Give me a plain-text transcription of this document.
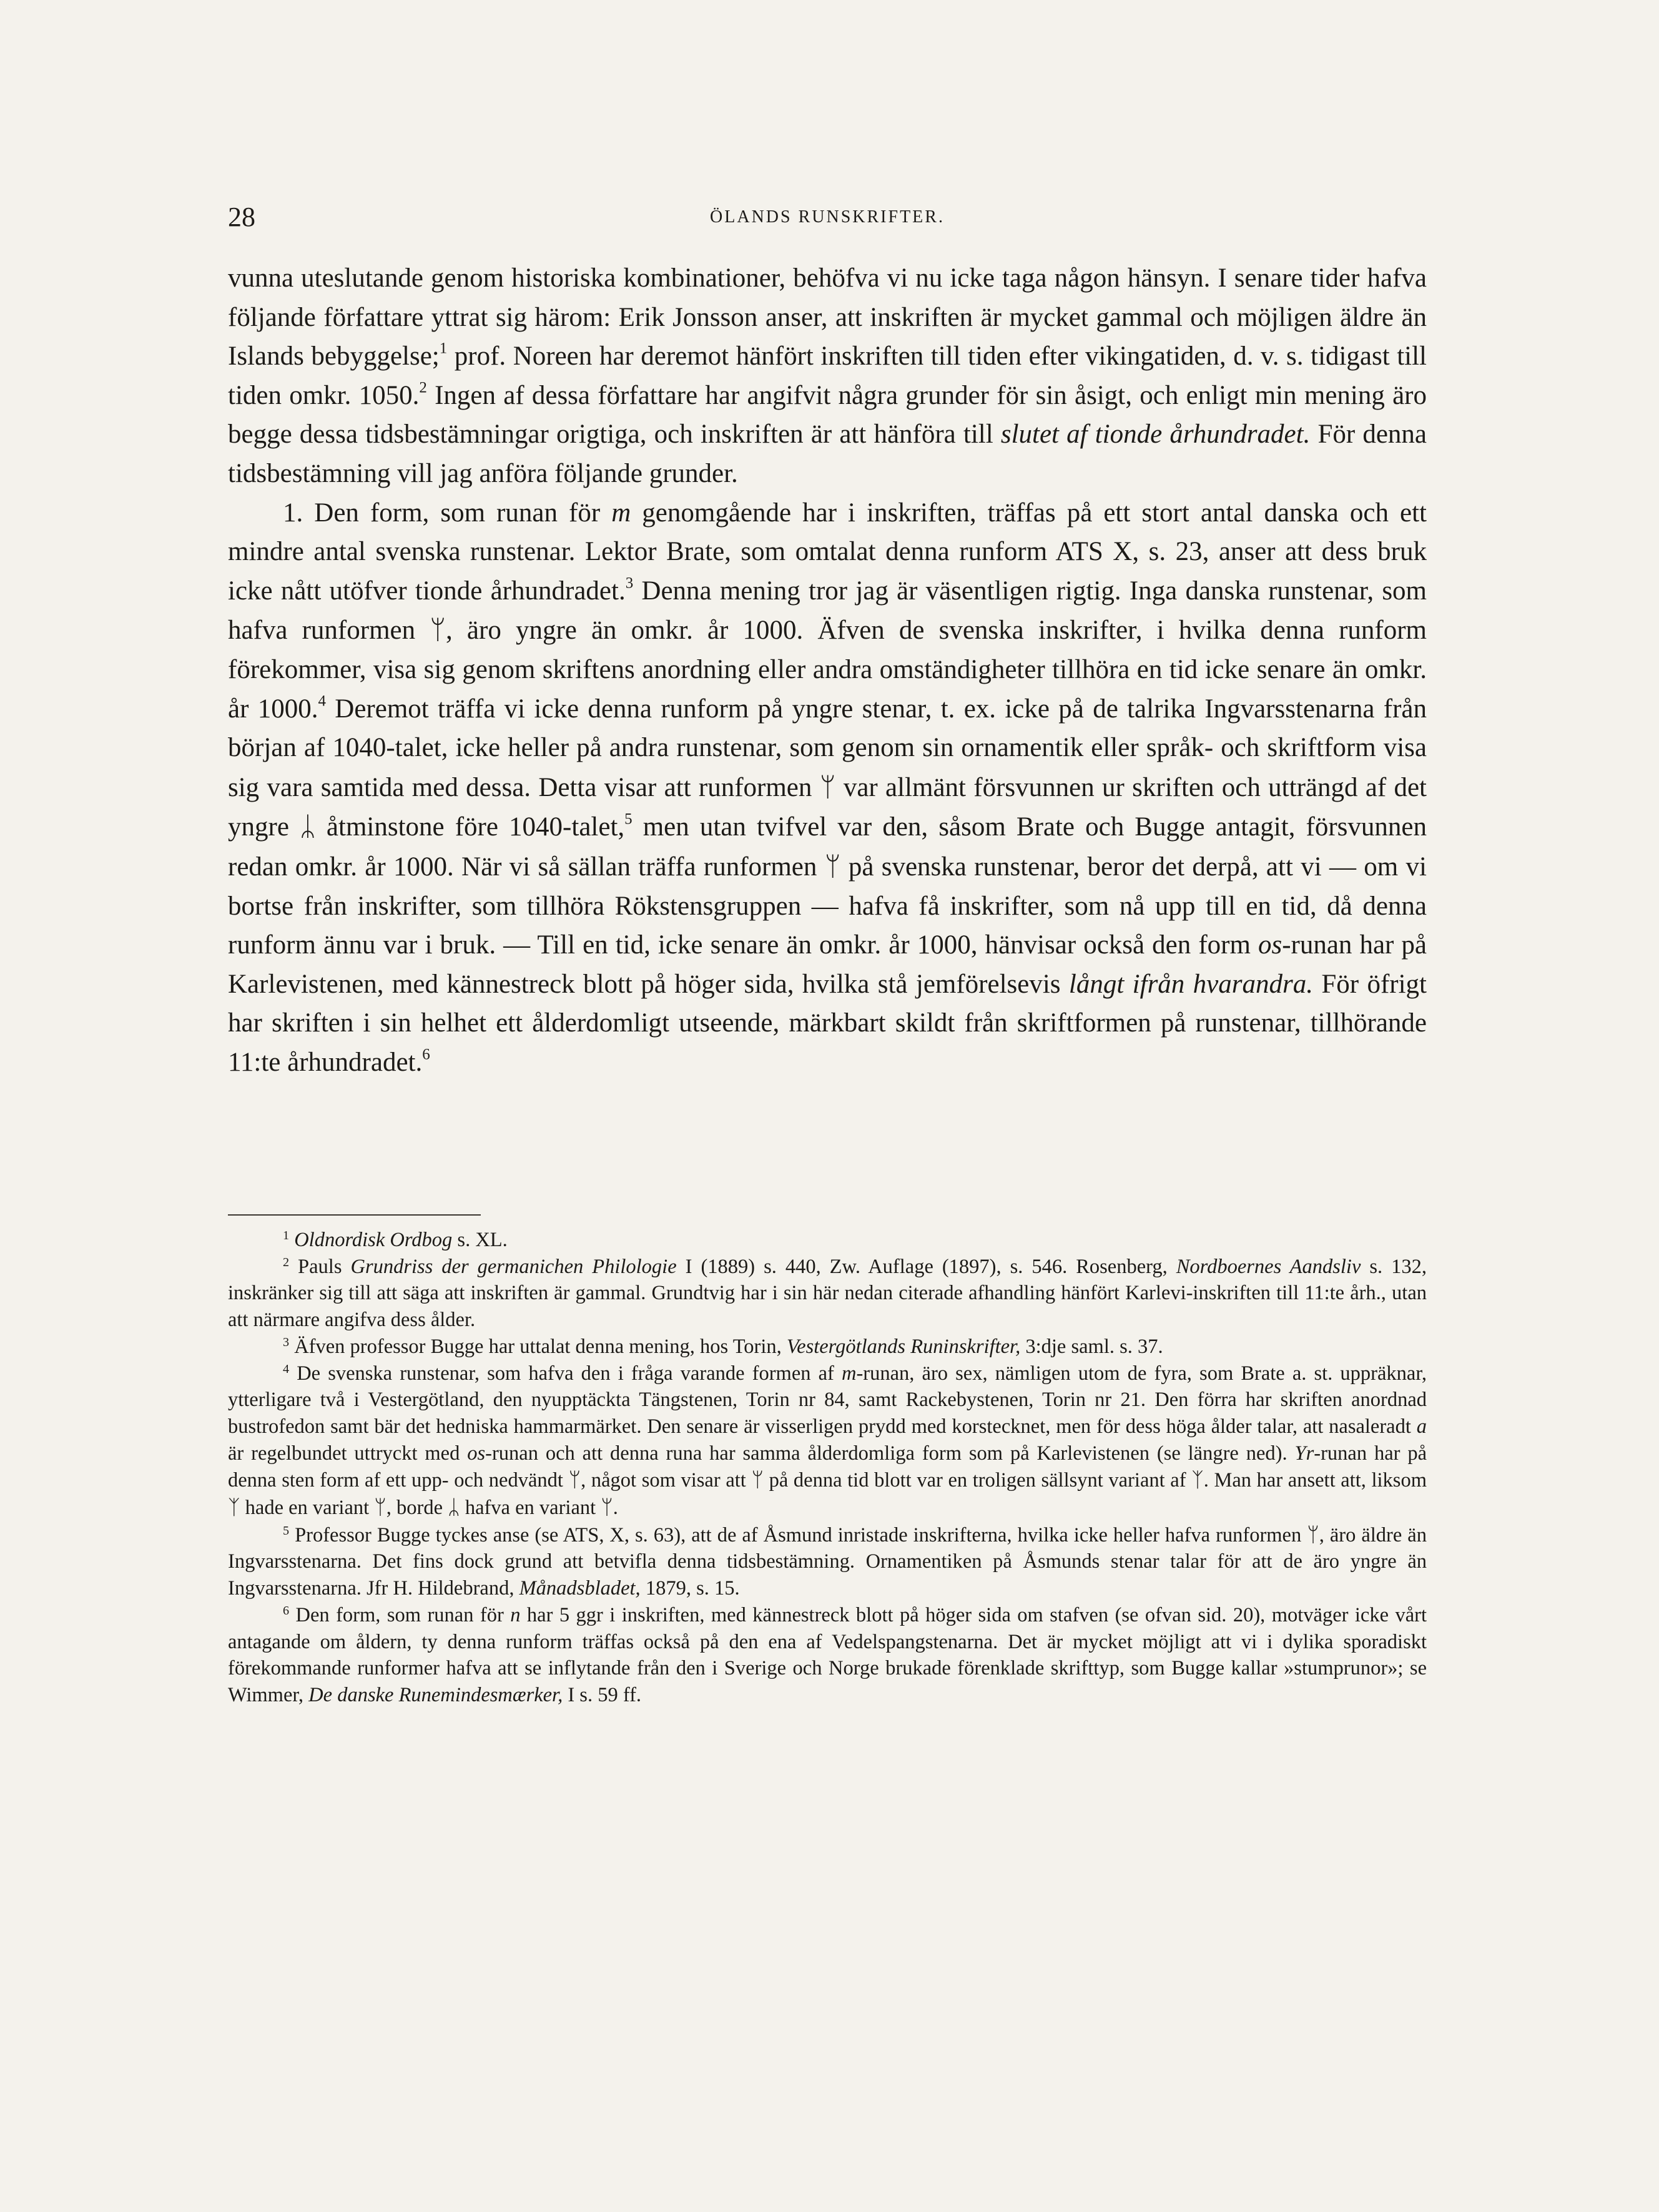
28	ÖLANDS RUNSKRIFTER.

vunna uteslutande genom historiska kombinationer, behöfva vi nu icke taga någon hänsyn. I senare tider hafva följande författare yttrat sig härom: Erik Jonsson anser, att inskriften är mycket gammal och möjligen äldre än Islands bebyggelse;$^1$ prof. Noreen har deremot hänfört inskriften till tiden efter vikingatiden, d. v. s. tidigast till tiden omkr. 1050.$^2$ Ingen af dessa författare har angifvit några grunder för sin åsigt, och enligt min mening äro begge dessa tidsbestämningar origtiga, och inskriften är att hänföra till slutet af tionde århundradet. För denna tidsbestämning vill jag anföra följande grunder.

1. Den form, som runan för m genomgående har i inskriften, träffas på ett stort antal danska och ett mindre antal svenska runstenar. Lektor Brate, som omtalat denna runform ATS X, s. 23, anser att dess bruk icke nått utöfver tionde århundradet.$^3$ Denna mening tror jag är väsentligen rigtig. Inga danska runstenar, som hafva runformen ᛘ, äro yngre än omkr. år 1000. Äfven de svenska inskrifter, i hvilka denna runform förekommer, visa sig genom skriftens anordning eller andra omständigheter tillhöra en tid icke senare än omkr. år 1000.$^4$ Deremot träffa vi icke denna runform på yngre stenar, t. ex. icke på de talrika Ingvarsstenarna från början af 1040-talet, icke heller på andra runstenar, som genom sin ornamentik eller språk- och skriftform visa sig vara samtida med dessa. Detta visar att runformen ᛘ var allmänt försvunnen ur skriften och utträngd af det yngre ᛦ åtminstone före 1040-talet,$^5$ men utan tvifvel var den, såsom Brate och Bugge antagit, försvunnen redan omkr. år 1000. När vi så sällan träffa runformen ᛘ på svenska runstenar, beror det derpå, att vi — om vi bortse från inskrifter, som tillhöra Rökstensgruppen — hafva få inskrifter, som nå upp till en tid, då denna runform ännu var i bruk. — Till en tid, icke senare än omkr. år 1000, hänvisar också den form os-runan har på Karlevistenen, med kännestreck blott på höger sida, hvilka stå jemförelsevis långt ifrån hvarandra. För öfrigt har skriften i sin helhet ett ålderdomligt utseende, märkbart skildt från skriftformen på runstenar, tillhörande 11:te århundradet.$^6$

$^1$ Oldnordisk Ordbog s. XL.

$^2$ Pauls Grundriss der germanichen Philologie I (1889) s. 440, Zw. Auflage (1897), s. 546. Rosenberg, Nordboernes Aandsliv s. 132, inskränker sig till att säga att inskriften är gammal. Grundtvig har i sin här nedan citerade afhandling hänfört Karlevi-inskriften till 11:te årh., utan att närmare angifva dess ålder.

$^3$ Äfven professor Bugge har uttalat denna mening, hos Torin, Vestergötlands Runinskrifter, 3:dje saml. s. 37.

$^4$ De svenska runstenar, som hafva den i fråga varande formen af m-runan, äro sex, nämligen utom de fyra, som Brate a. st. uppräknar, ytterligare två i Vestergötland, den nyupptäckta Tängstenen, Torin nr 84, samt Rackebystenen, Torin nr 21. Den förra har skriften anordnad bustrofedon samt bär det hedniska hammarmärket. Den senare är visserligen prydd med korstecknet, men för dess höga ålder talar, att nasaleradt a är regelbundet uttryckt med os-runan och att denna runa har samma ålderdomliga form som på Karlevistenen (se längre ned). Yr-runan har på denna sten form af ett upp- och nedvändt ᛘ, något som visar att ᛘ på denna tid blott var en troligen sällsynt variant af ᛉ. Man har ansett att, liksom ᛉ hade en variant ᛘ, borde ᛦ hafva en variant ᛘ.

$^5$ Professor Bugge tyckes anse (se ATS, X, s. 63), att de af Åsmund inristade inskrifterna, hvilka icke heller hafva runformen ᛘ, äro äldre än Ingvarsstenarna. Det fins dock grund att betvifla denna tidsbestämning. Ornamentiken på Åsmunds stenar talar för att de äro yngre än Ingvarsstenarna. Jfr H. Hildebrand, Månadsbladet, 1879, s. 15.

$^6$ Den form, som runan för n har 5 ggr i inskriften, med kännestreck blott på höger sida om stafven (se ofvan sid. 20), motväger icke vårt antagande om åldern, ty denna runform träffas också på den ena af Vedelspangstenarna. Det är mycket möjligt att vi i dylika sporadiskt förekommande runformer hafva att se inflytande från den i Sverige och Norge brukade förenklade skrifttyp, som Bugge kallar »stumprunor»; se Wimmer, De danske Runemindesmærker, I s. 59 ff.
